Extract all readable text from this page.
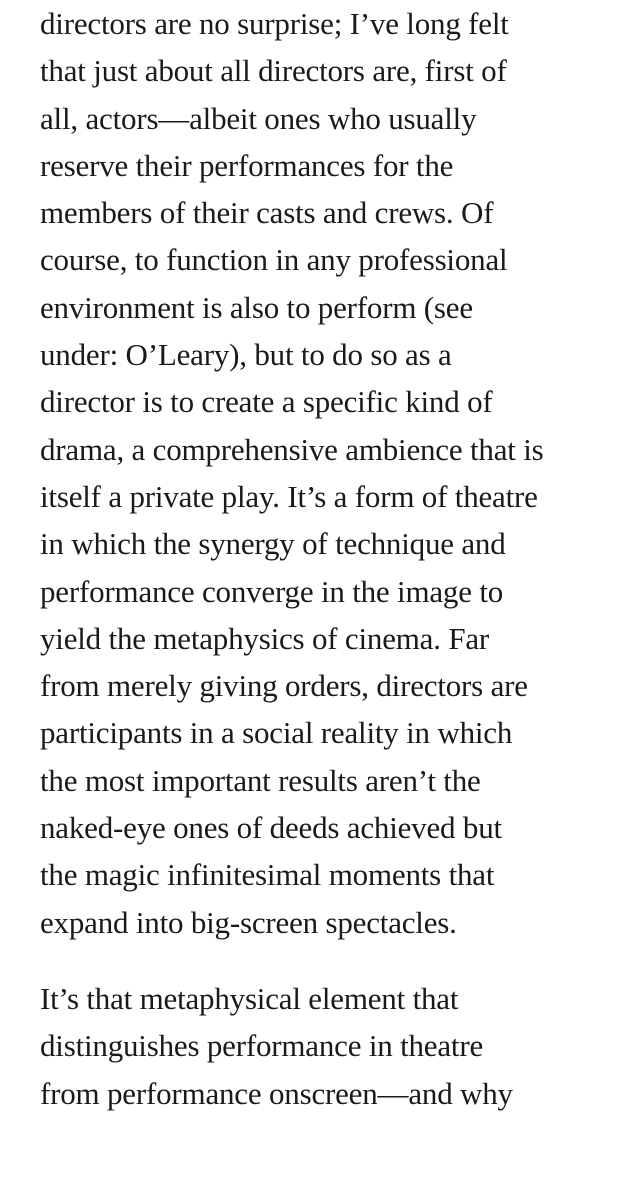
directors are no surprise; I’ve long felt
that just about all directors are, first of
all, actors—albeit ones who usually
reserve their performances for the
members of their casts and crews. Of
course, to function in any professional
environment is also to perform (see
under: O’Leary), but to do so as a
director is to create a specific kind of
drama, a comprehensive ambience that is
itself a private play. It’s a form of theatre
in which the synergy of technique and
performance converge in the image to
yield the metaphysics of cinema. Far
from merely giving orders, directors are
participants in a social reality in which
the most important results aren’t the
naked-eye ones of deeds achieved but
the magic infinitesimal moments that
expand into big-screen spectacles.
It’s that metaphysical element that
distinguishes performance in theatre
from performance onscreen—and why
